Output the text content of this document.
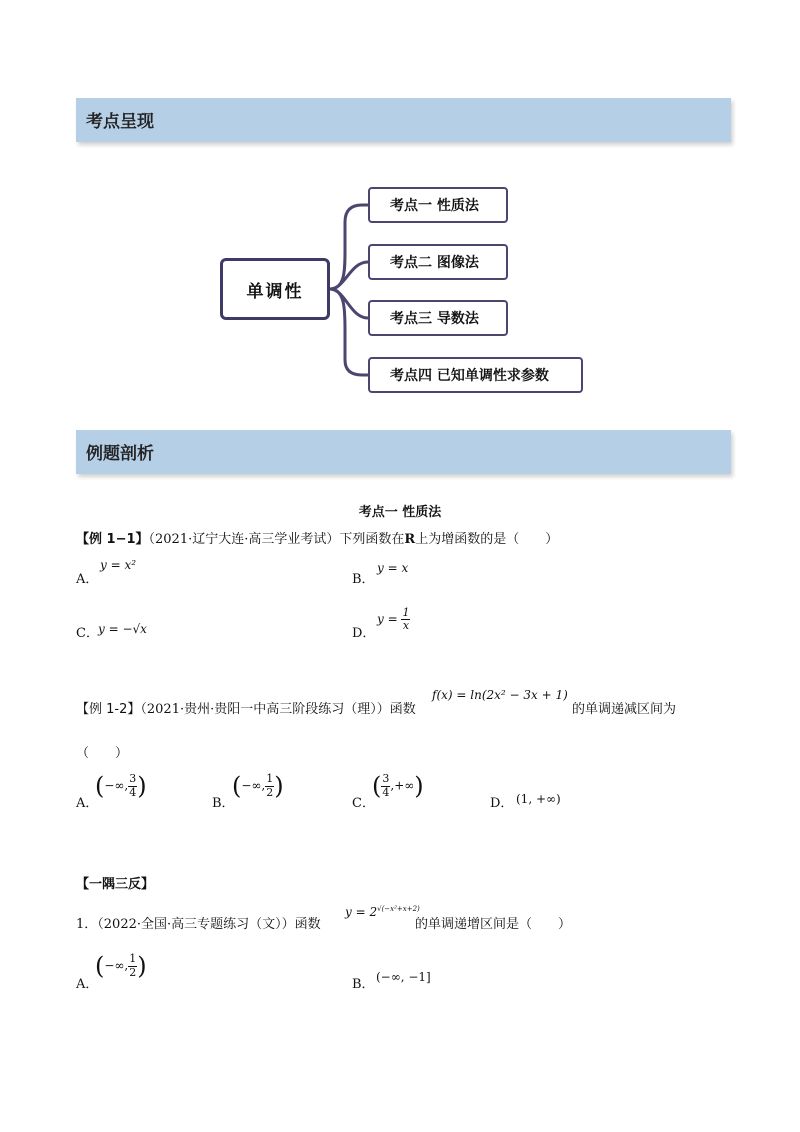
考点呈现
单调性
考点一 性质法
考点二 图像法
考点三 导数法
考点四 已知单调性求参数
例题剖析
考点一 性质法
【例 1−1】（2021·辽宁大连·高三学业考试）下列函数在R上为增函数的是（　　）
A．
y = x²
B．
y = x
C． y = −√x	D．
$y = \frac{1}{x}$
【例 1-2】（2021·贵州·贵阳一中高三阶段练习（理））函数
f(x) = ln(2x² − 3x + 1)
的单调递减区间为
（　　）
A．
(−∞, $\frac{3}{4}$ )
B．
(−∞, $\frac{1}{2}$ )
C．
( $\frac{3}{4}$ ,+∞)
D． (1, +∞)
【一隅三反】
1．（2022·全国·高三专题练习（文））函数
$y = 2^{√(-x^2+x+2)}$
的单调递增区间是（　　）
A．
(−∞, $\frac{1}{2}$ )
B． (−∞, −1]
